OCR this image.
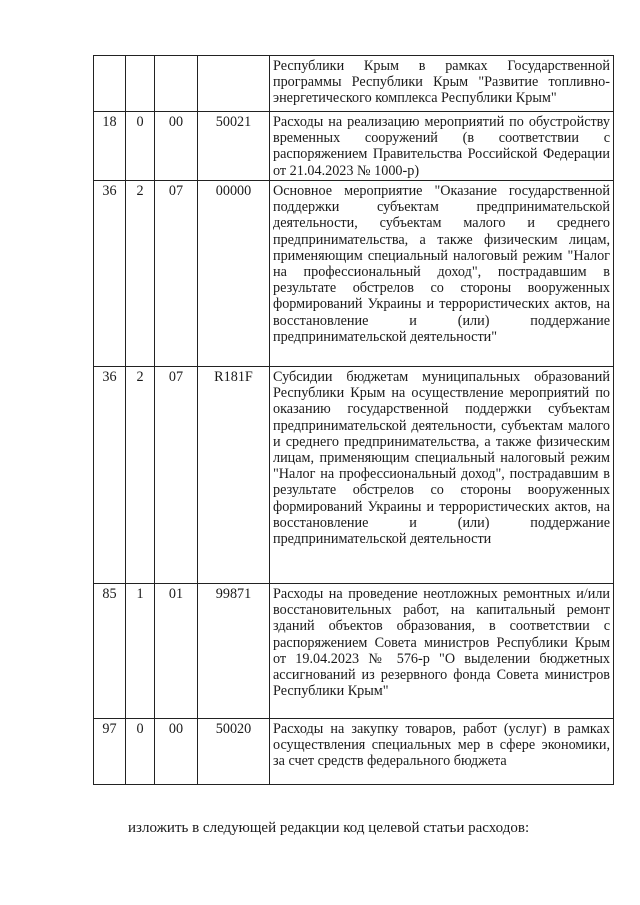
				Республики Крым в рамках Государственной программы Республики Крым "Развитие топливно-энергетического комплекса Республики Крым"
18	0	00	50021	Расходы на реализацию мероприятий по обустройству временных сооружений (в соответствии с распоряжением Правительства Российской Федерации от 21.04.2023 № 1000-р)
36	2	07	00000	Основное мероприятие "Оказание государственной поддержки субъектам предпринимательской деятельности, субъектам малого и среднего предпринимательства, а также физическим лицам, применяющим специальный налоговый режим "Налог на профессиональный доход", пострадавшим в результате обстрелов со стороны вооруженных формирований Украины и террористических актов, на восстановление и (или) поддержание предпринимательской деятельности"
36	2	07	R181F	Субсидии бюджетам муниципальных образований Республики Крым на осуществление мероприятий по оказанию государственной поддержки субъектам предпринимательской деятельности, субъектам малого и среднего предпринимательства, а также физическим лицам, применяющим специальный налоговый режим "Налог на профессиональный доход", пострадавшим в результате обстрелов со стороны вооруженных формирований Украины и террористических актов, на восстановление и (или) поддержание предпринимательской деятельности
85	1	01	99871	Расходы на проведение неотложных ремонтных и/или восстановительных работ, на капитальный ремонт зданий объектов образования, в соответствии с распоряжением Совета министров Республики Крым от 19.04.2023 № 576-р "О выделении бюджетных ассигнований из резервного фонда Совета министров Республики Крым"
97	0	00	50020	Расходы на закупку товаров, работ (услуг) в рамках осуществления специальных мер в сфере экономики, за счет средств федерального бюджета
изложить в следующей редакции код целевой статьи расходов:
